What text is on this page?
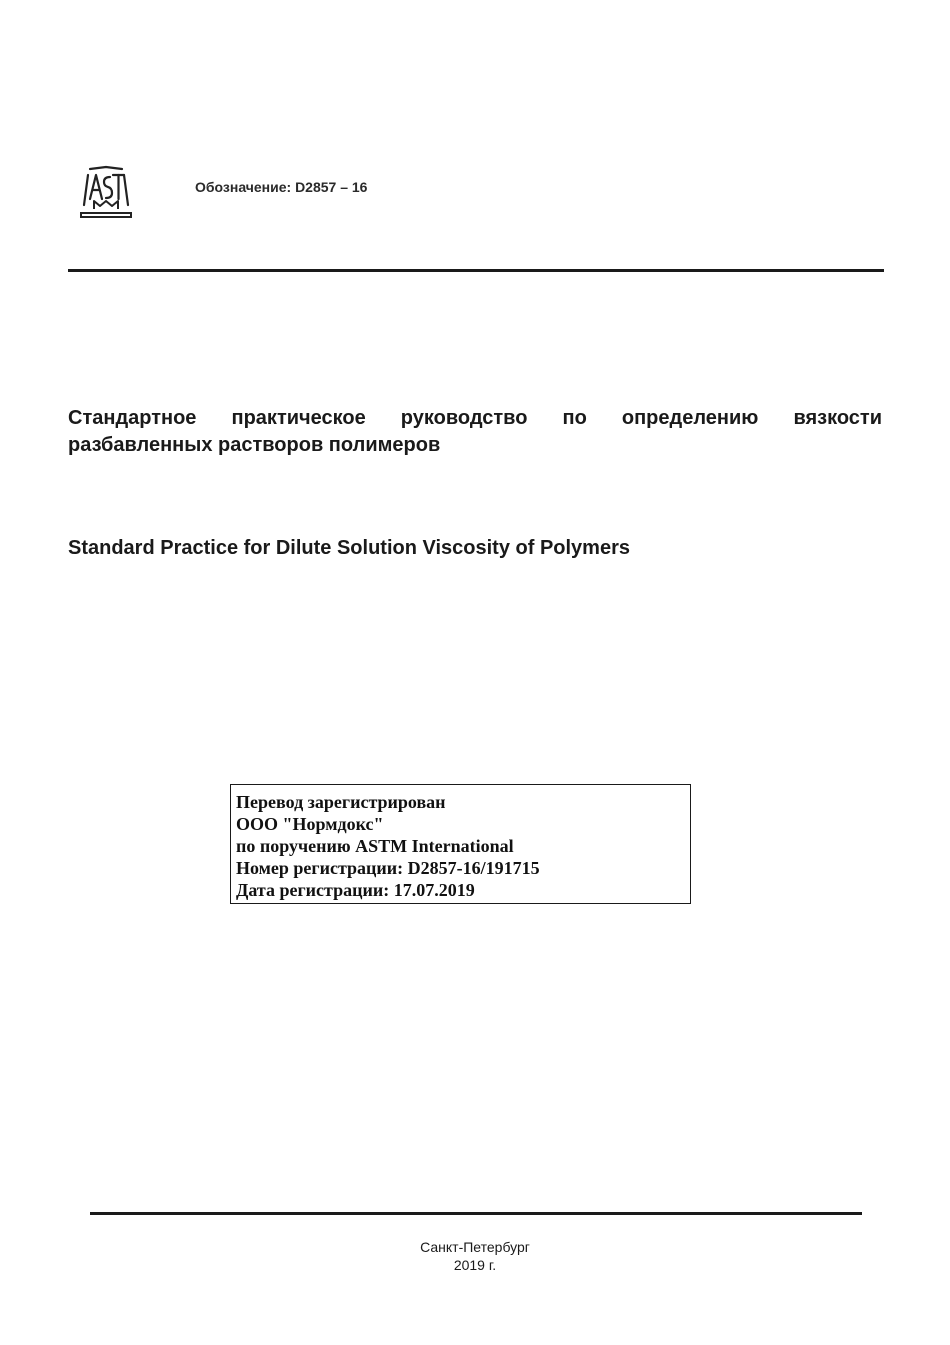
Обозначение: D2857 – 16
Стандартное практическое руководство по определению вязкости разбавленных растворов полимеров
Standard Practice for Dilute Solution Viscosity of Polymers
Перевод зарегистрирован
ООО "Нормдокс"
по поручению ASTM International
Номер регистрации: D2857-16/191715
Дата регистрации: 17.07.2019
Санкт-Петербург
2019 г.
